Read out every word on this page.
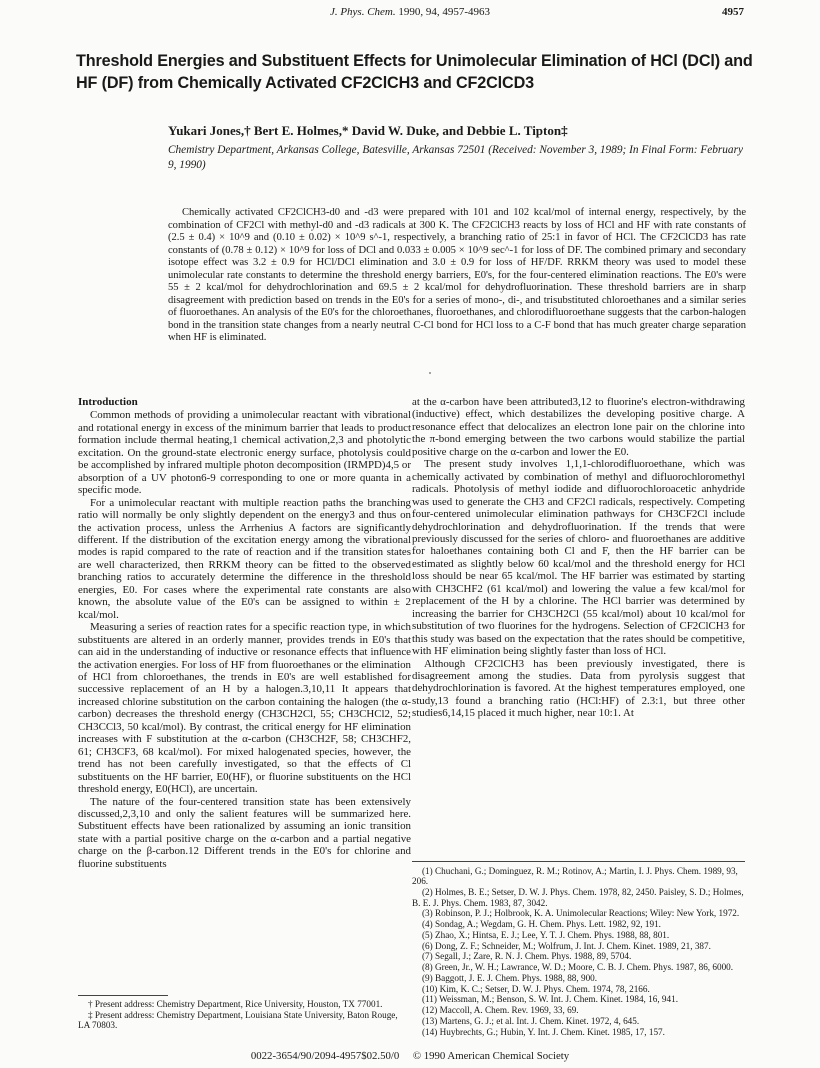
J. Phys. Chem. 1990, 94, 4957-4963	4957
Threshold Energies and Substituent Effects for Unimolecular Elimination of HCl (DCl) and HF (DF) from Chemically Activated CF2ClCH3 and CF2ClCD3
Yukari Jones,† Bert E. Holmes,* David W. Duke, and Debbie L. Tipton‡
Chemistry Department, Arkansas College, Batesville, Arkansas 72501 (Received: November 3, 1989; In Final Form: February 9, 1990)

Chemically activated CF2ClCH3-d0 and -d3 were prepared with 101 and 102 kcal/mol of internal energy, respectively, by the combination of CF2Cl with methyl-d0 and -d3 radicals at 300 K. The CF2ClCH3 reacts by loss of HCl and HF with rate constants of (2.5 ± 0.4) × 10^9 and (0.10 ± 0.02) × 10^9 s^-1, respectively, a branching ratio of 25:1 in favor of HCl. The CF2ClCD3 has rate constants of (0.78 ± 0.12) × 10^9 for loss of DCl and 0.033 ± 0.005 × 10^9 sec^-1 for loss of DF. The combined primary and secondary isotope effect was 3.2 ± 0.9 for HCl/DCl elimination and 3.0 ± 0.9 for loss of HF/DF. RRKM theory was used to model these unimolecular rate constants to determine the threshold energy barriers, E0's, for the four-centered elimination reactions. The E0's were 55 ± 2 kcal/mol for dehydrochlorination and 69.5 ± 2 kcal/mol for dehydrofluorination. These threshold barriers are in sharp disagreement with prediction based on trends in the E0's for a series of mono-, di-, and trisubstituted chloroethanes and a similar series of fluoroethanes. An analysis of the E0's for the chloroethanes, fluoroethanes, and chlorodifluoroethane suggests that the carbon-halogen bond in the transition state changes from a nearly neutral C-Cl bond for HCl loss to a C-F bond that has much greater charge separation when HF is eliminated.

Introduction

Common methods of providing a unimolecular reactant with vibrational and rotational energy in excess of the minimum barrier that leads to product formation include thermal heating,1 chemical activation,2,3 and photolytic excitation. On the ground-state electronic energy surface, photolysis could be accomplished by infrared multiple photon decomposition (IRMPD)4,5 or absorption of a UV photon6-9 corresponding to one or more quanta in a specific mode.

For a unimolecular reactant with multiple reaction paths the branching ratio will normally be only slightly dependent on the energy3 and thus on the activation process, unless the Arrhenius A factors are significantly different. If the distribution of the excitation energy among the vibrational modes is rapid compared to the rate of reaction and if the transition states are well characterized, then RRKM theory can be fitted to the observed branching ratios to accurately determine the difference in the threshold energies, E0. For cases where the experimental rate constants are also known, the absolute value of the E0's can be assigned to within ± 2 kcal/mol.

Measuring a series of reaction rates for a specific reaction type, in which substituents are altered in an orderly manner, provides trends in E0's that can aid in the understanding of inductive or resonance effects that influence the activation energies. For loss of HF from fluoroethanes or the elimination of HCl from chloroethanes, the trends in E0's are well established for successive replacement of an H by a halogen.3,10,11 It appears that increased chlorine substitution on the carbon containing the halogen (the α-carbon) decreases the threshold energy (CH3CH2Cl, 55; CH3CHCl2, 52; CH3CCl3, 50 kcal/mol). By contrast, the critical energy for HF elimination increases with F substitution at the α-carbon (CH3CH2F, 58; CH3CHF2, 61; CH3CF3, 68 kcal/mol). For mixed halogenated species, however, the trend has not been carefully investigated, so that the effects of Cl substituents on the HF barrier, E0(HF), or fluorine substituents on the HCl threshold energy, E0(HCl), are uncertain.

The nature of the four-centered transition state has been extensively discussed,2,3,10 and only the salient features will be summarized here. Substituent effects have been rationalized by assuming an ionic transition state with a partial positive charge on the α-carbon and a partial negative charge on the β-carbon.12 Different trends in the E0's for chlorine and fluorine substituents

at the α-carbon have been attributed3,12 to fluorine's electron-withdrawing (inductive) effect, which destabilizes the developing positive charge. A resonance effect that delocalizes an electron lone pair on the chlorine into the π-bond emerging between the two carbons would stabilize the partial positive charge on the α-carbon and lower the E0.

The present study involves 1,1,1-chlorodifluoroethane, which was chemically activated by combination of methyl and difluorochloromethyl radicals. Photolysis of methyl iodide and difluorochloroacetic anhydride was used to generate the CH3 and CF2Cl radicals, respectively. Competing four-centered unimolecular elimination pathways for CH3CF2Cl include dehydrochlorination and dehydrofluorination. If the trends that were previously discussed for the series of chloro- and fluoroethanes are additive for haloethanes containing both Cl and F, then the HF barrier can be estimated as slightly below 60 kcal/mol and the threshold energy for HCl loss should be near 65 kcal/mol. The HF barrier was estimated by starting with CH3CHF2 (61 kcal/mol) and lowering the value a few kcal/mol for replacement of the H by a chlorine. The HCl barrier was determined by increasing the barrier for CH3CH2Cl (55 kcal/mol) about 10 kcal/mol for substitution of two fluorines for the hydrogens. Selection of CF2ClCH3 for this study was based on the expectation that the rates should be competitive, with HF elimination being slightly faster than loss of HCl.

Although CF2ClCH3 has been previously investigated, there is disagreement among the studies. Data from pyrolysis suggest that dehydrochlorination is favored. At the highest temperatures employed, one study,13 found a branching ratio (HCl:HF) of 2.3:1, but three other studies6,14,15 placed it much higher, near 10:1. At

† Present address: Chemistry Department, Rice University, Houston, TX 77001.

‡ Present address: Chemistry Department, Louisiana State University, Baton Rouge, LA 70803.

(1) Chuchani, G.; Dominguez, R. M.; Rotinov, A.; Martin, I. J. Phys. Chem. 1989, 93, 206.

(2) Holmes, B. E.; Setser, D. W. J. Phys. Chem. 1978, 82, 2450. Paisley, S. D.; Holmes, B. E. J. Phys. Chem. 1983, 87, 3042.

(3) Robinson, P. J.; Holbrook, K. A. Unimolecular Reactions; Wiley: New York, 1972.

(4) Sondag, A.; Wegdam, G. H. Chem. Phys. Lett. 1982, 92, 191.

(5) Zhao, X.; Hintsa, E. J.; Lee, Y. T. J. Chem. Phys. 1988, 88, 801.

(6) Dong, Z. F.; Schneider, M.; Wolfrum, J. Int. J. Chem. Kinet. 1989, 21, 387.

(7) Segall, J.; Zare, R. N. J. Chem. Phys. 1988, 89, 5704.

(8) Green, Jr., W. H.; Lawrance, W. D.; Moore, C. B. J. Chem. Phys. 1987, 86, 6000.

(9) Baggott, J. E. J. Chem. Phys. 1988, 88, 900.

(10) Kim, K. C.; Setser, D. W. J. Phys. Chem. 1974, 78, 2166.

(11) Weissman, M.; Benson, S. W. Int. J. Chem. Kinet. 1984, 16, 941.

(12) Maccoll, A. Chem. Rev. 1969, 33, 69.

(13) Martens, G. J.; et al. Int. J. Chem. Kinet. 1972, 4, 645.

(14) Huybrechts, G.; Hubin, Y. Int. J. Chem. Kinet. 1985, 17, 157.

0022-3654/90/2094-4957$02.50/0 © 1990 American Chemical Society
